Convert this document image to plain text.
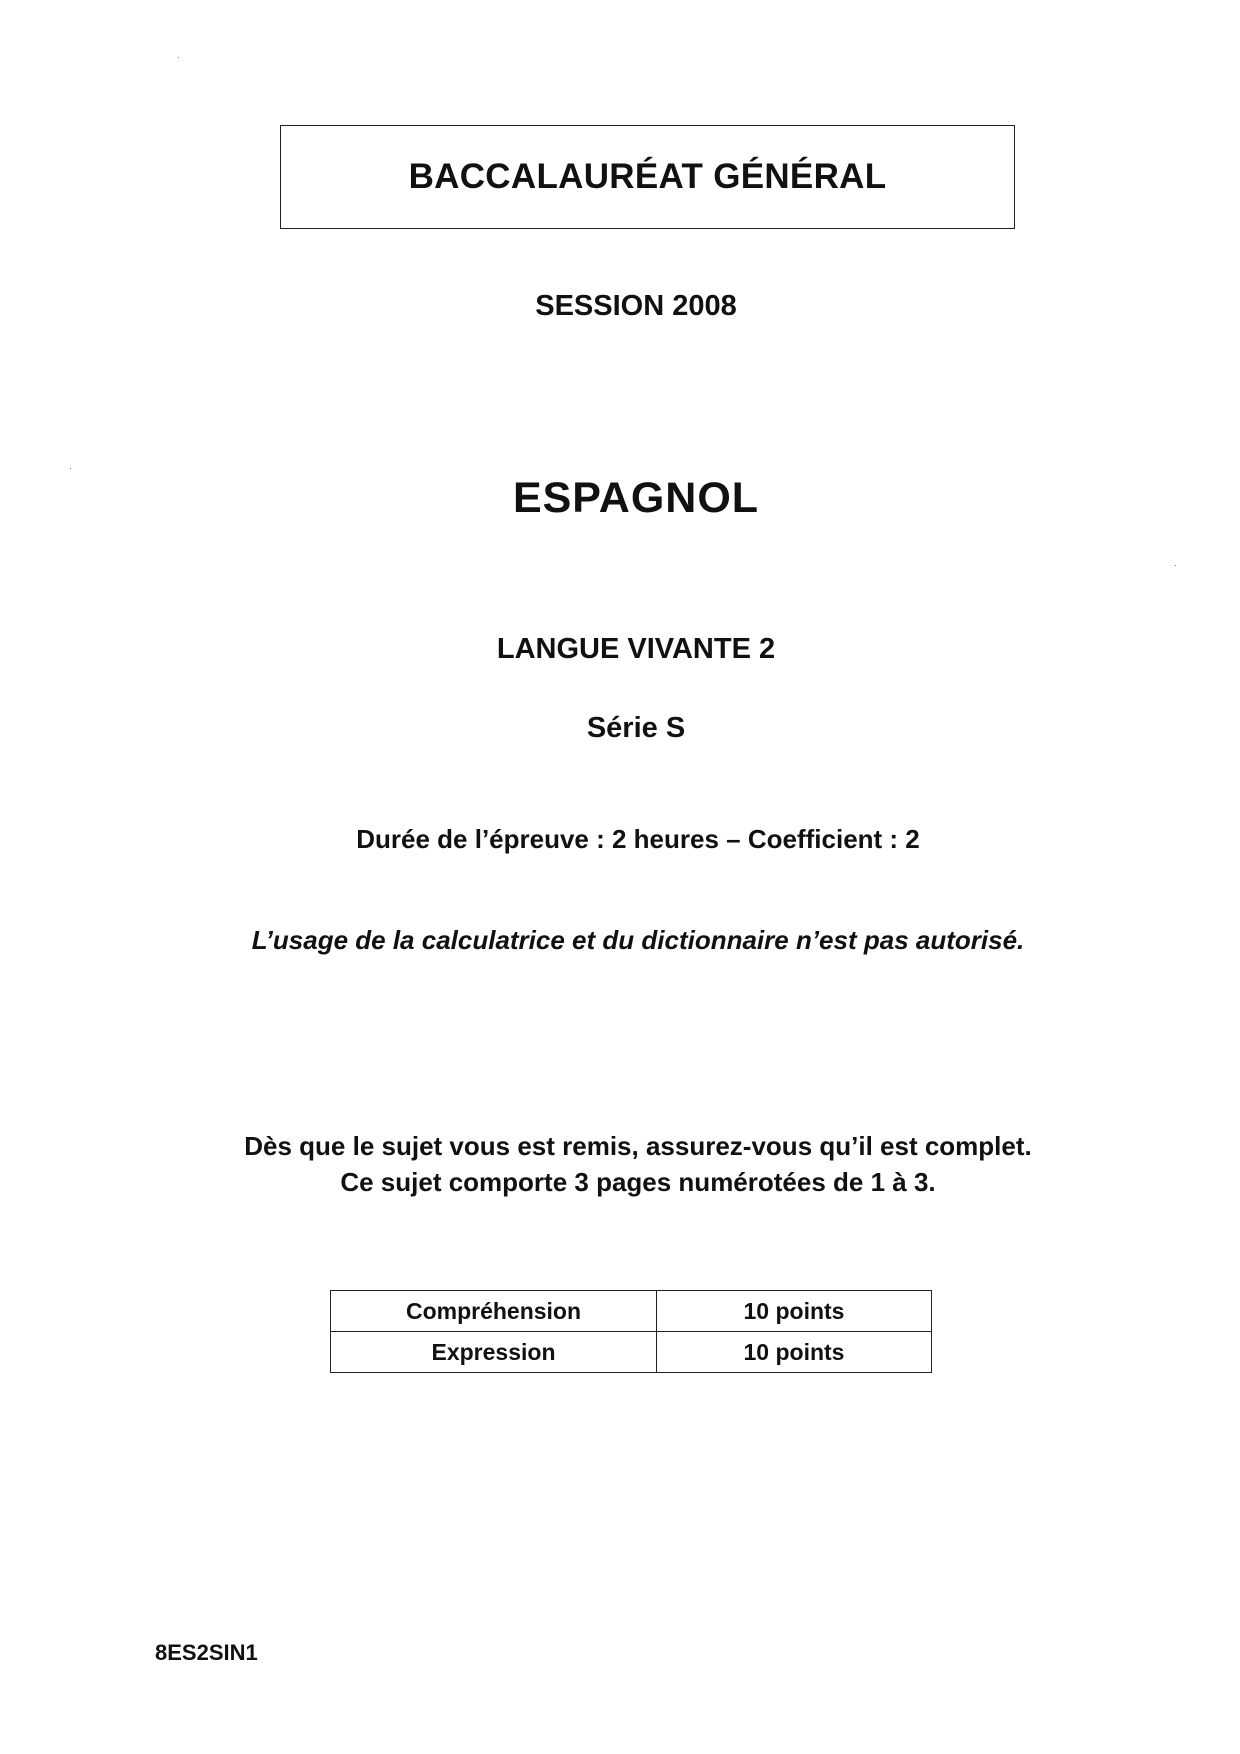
BACCALAURÉAT GÉNÉRAL
SESSION 2008
ESPAGNOL
LANGUE VIVANTE 2
Série S
Durée de l’épreuve : 2 heures – Coefficient : 2
L’usage de la calculatrice et du dictionnaire n’est pas autorisé.
Dès que le sujet vous est remis, assurez-vous qu’il est complet.
Ce sujet comporte 3 pages numérotées de 1 à 3.
Compréhension	10 points
Expression	10 points
8ES2SIN1
